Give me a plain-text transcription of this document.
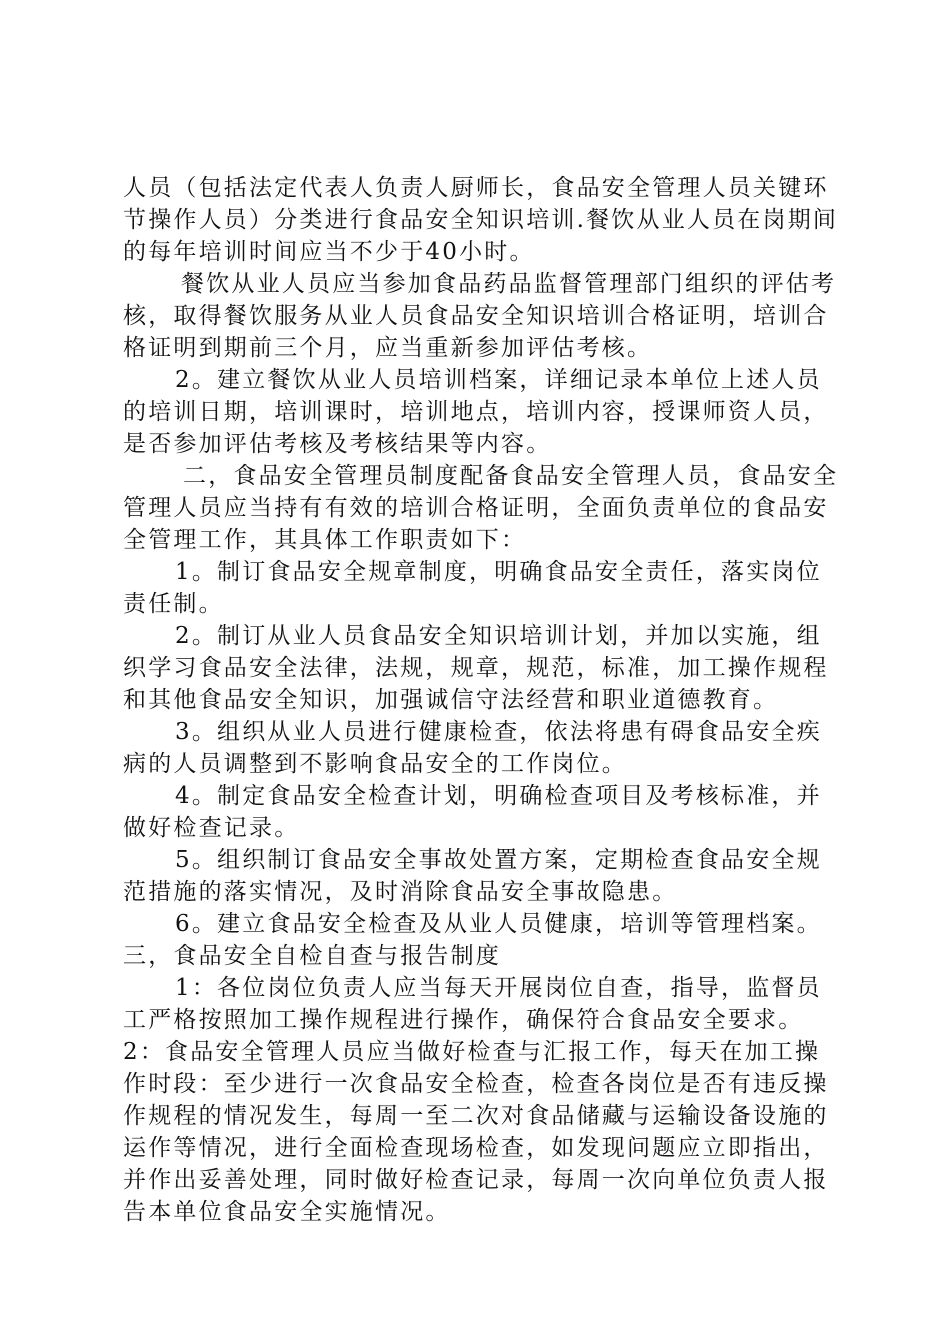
人员（包括法定代表人负责人厨师长，食品安全管理人员关键环节操作人员）分类进行食品安全知识培训.餐饮从业人员在岗期间的每年培训时间应当不少于40小时。

餐饮从业人员应当参加食品药品监督管理部门组织的评估考核，取得餐饮服务从业人员食品安全知识培训合格证明，培训合格证明到期前三个月，应当重新参加评估考核。

2。建立餐饮从业人员培训档案，详细记录本单位上述人员的培训日期，培训课时，培训地点，培训内容，授课师资人员，是否参加评估考核及考核结果等内容。

二，食品安全管理员制度配备食品安全管理人员，食品安全管理人员应当持有有效的培训合格证明，全面负责单位的食品安全管理工作，其具体工作职责如下：

1。制订食品安全规章制度，明确食品安全责任，落实岗位责任制。

2。制订从业人员食品安全知识培训计划，并加以实施，组织学习食品安全法律，法规，规章，规范，标准，加工操作规程和其他食品安全知识，加强诚信守法经营和职业道德教育。

3。组织从业人员进行健康检查，依法将患有碍食品安全疾病的人员调整到不影响食品安全的工作岗位。

4。制定食品安全检查计划，明确检查项目及考核标准，并做好检查记录。

5。组织制订食品安全事故处置方案，定期检查食品安全规范措施的落实情况，及时消除食品安全事故隐患。

6。建立食品安全检查及从业人员健康，培训等管理档案。

三，食品安全自检自查与报告制度

1：各位岗位负责人应当每天开展岗位自查，指导，监督员工严格按照加工操作规程进行操作，确保符合食品安全要求。

2：食品安全管理人员应当做好检查与汇报工作，每天在加工操作时段：至少进行一次食品安全检查，检查各岗位是否有违反操作规程的情况发生，每周一至二次对食品储藏与运输设备设施的运作等情况，进行全面检查现场检查，如发现问题应立即指出，并作出妥善处理，同时做好检查记录，每周一次向单位负责人报告本单位食品安全实施情况。
